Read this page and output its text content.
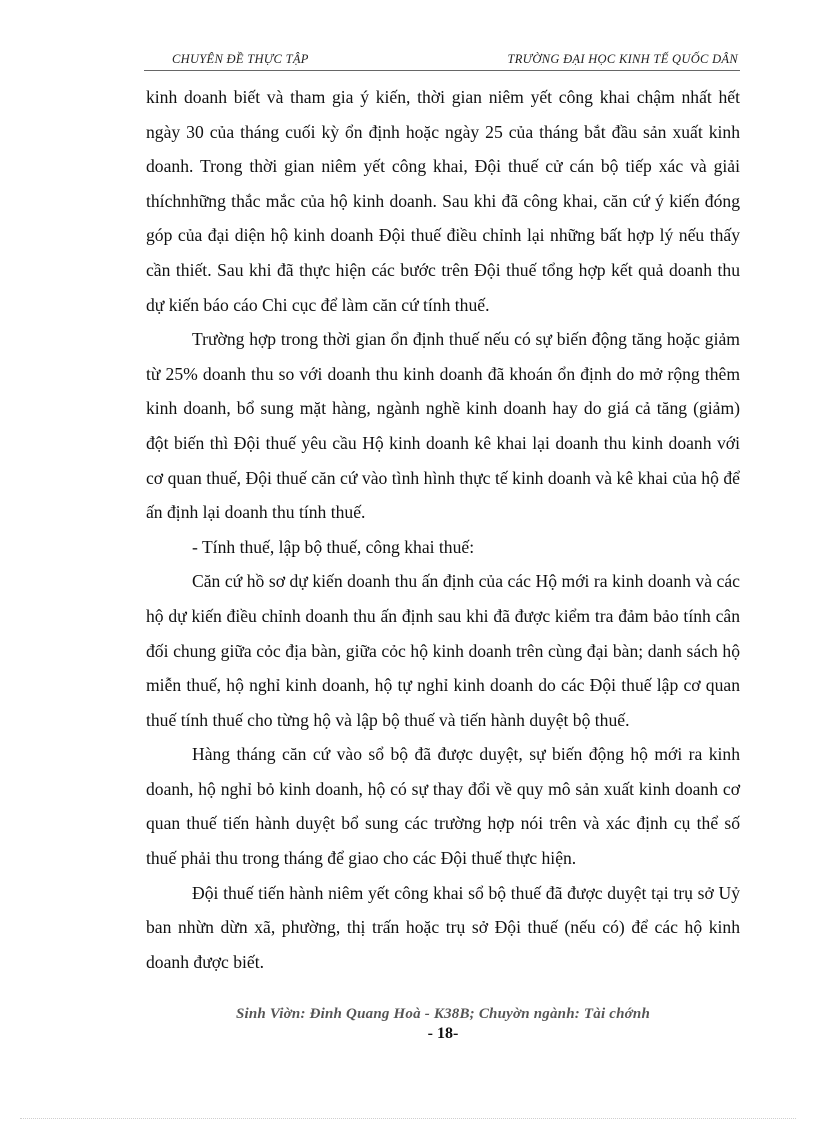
CHUYÊN ĐỀ THỰC TẬP	TRƯỜNG ĐẠI HỌC KINH TẾ QUỐC DÂN

kinh doanh biết và tham gia ý kiến, thời gian niêm yết công khai chậm nhất hết ngày 30 của tháng cuối kỳ ổn định hoặc ngày 25 của tháng bắt đầu sản xuất kinh doanh. Trong thời gian niêm yết công khai, Đội thuế cử cán bộ tiếp xác và giải thíchnhững thắc mắc của hộ kinh doanh. Sau khi đã công khai, căn cứ ý kiến đóng góp của đại diện hộ kinh doanh Đội thuế điều chỉnh lại những bất hợp lý nếu thấy cần thiết. Sau khi đã thực hiện các bước trên Đội thuế tổng hợp kết quả doanh thu dự kiến báo cáo Chi cục để làm căn cứ tính thuế.

Trường hợp trong thời gian ổn định thuế nếu có sự biến động tăng hoặc giảm từ 25% doanh thu so với doanh thu kinh doanh đã khoán ổn định do mở rộng thêm kinh doanh, bổ sung mặt hàng, ngành nghề kinh doanh hay do giá cả tăng (giảm) đột biến thì Đội thuế yêu cầu Hộ kinh doanh kê khai lại doanh thu kinh doanh với cơ quan thuế, Đội thuế căn cứ vào tình hình thực tế kinh doanh và kê khai của hộ để ấn định lại doanh thu tính thuế.

- Tính thuế, lập bộ thuế, công khai thuế:

Căn cứ hồ sơ dự kiến doanh thu ấn định của các Hộ mới ra kinh doanh và các hộ dự kiến điều chỉnh doanh thu ấn định sau khi đã được kiểm tra đảm bảo tính cân đối chung giữa cỏc địa bàn, giữa cỏc hộ kinh doanh trên cùng đại bàn; danh sách hộ miễn thuế, hộ nghỉ kinh doanh, hộ tự nghỉ kinh doanh do các Đội thuế lập cơ quan thuế tính thuế cho từng hộ và lập bộ thuế và tiến hành duyệt bộ thuế.

Hàng tháng căn cứ vào sổ bộ đã được duyệt, sự biến động hộ mới ra kinh doanh, hộ nghỉ bỏ kinh doanh, hộ có sự thay đổi về quy mô sản xuất kinh doanh cơ quan thuế tiến hành duyệt bổ sung các trường hợp nói trên và xác định cụ thể số thuế phải thu trong tháng để giao cho các Đội thuế thực hiện.

Đội thuế tiến hành niêm yết công khai sổ bộ thuế đã được duyệt tại trụ sở Uỷ ban nhừn dừn xã, phường, thị trấn hoặc trụ sở Đội thuế (nếu có) để các hộ kinh doanh được biết.

Sinh Viờn: Đinh Quang Hoà - K38B; Chuyờn ngành: Tài chớnh
- 18-
